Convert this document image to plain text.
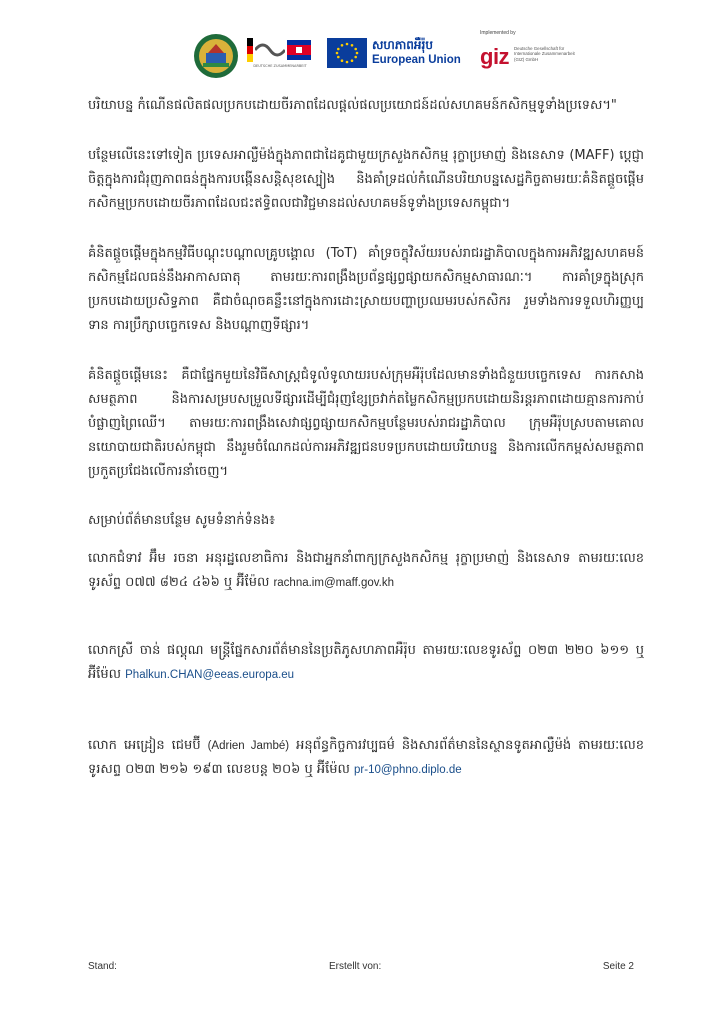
DEUTSCHE ZUSAMMENARBEIT
សហភាពអឺរ៉ុប
European Union
Implemented by
giz Deutsche Gesellschaft für Internationale Zusammenarbeit (GIZ) GmbH

បរិយាបន្ន កំណើនផលិតផលប្រកបដោយចីរភាពដែលផ្ដល់ផលប្រយោជន៍ដល់សហគមន៍កសិកម្មទូទាំងប្រទេស។"

បន្ថែមលើនេះទៅទៀត ប្រទេសអាល្លឺម៉ង់ក្នុងភាពជាដៃគូជាមួយក្រសួងកសិកម្ម រុក្ខាប្រមាញ់ និងនេសាទ (MAFF) ប្ដេជ្ញាចិត្តក្នុងការជំរុញភាពធន់ក្នុងការបង្កើនសន្តិសុខស្បៀង និងគាំទ្រដល់កំណើនបរិយាបន្នសេដ្ឋកិច្ចតាមរយៈគំនិតផ្ដួចផ្ដើមកសិកម្មប្រកបដោយចីរភាពដែលជះឥទ្ធិពលជាវិជ្ជមានដល់សហគមន៍ទូទាំងប្រទេសកម្ពុជា។

គំនិតផ្ដួចផ្ដើមក្នុងកម្មវិធីបណ្ដុះបណ្ដាលគ្រូបង្គោល (ToT) គាំទ្រចក្ខុវិស័យរបស់រាជរដ្ឋាភិបាលក្នុងការអភិវឌ្ឍសហគមន៍កសិកម្មដែលធន់នឹងអាកាសធាតុ តាមរយៈការពង្រឹងប្រព័ន្ធផ្សព្វផ្សាយកសិកម្មសាធារណៈ។ ការគាំទ្រក្នុងស្រុកប្រកបដោយប្រសិទ្ធភាព គឺជាចំណុចគន្លឹះនៅក្នុងការដោះស្រាយបញ្ហាប្រឈមរបស់កសិករ រួមទាំងការទទួលហិរញ្ញប្បទាន ការប្រឹក្សាបច្ចេកទេស និងបណ្ដាញទីផ្សារ។

គំនិតផ្ដួចផ្ដើមនេះ គឺជាផ្នែកមួយនៃវិធីសាស្ត្រជំទូលំទូលាយរបស់ក្រុមអឺរ៉ុបដែលមានទាំងជំនួយបច្ចេកទេស ការកសាងសមត្ថភាព និងការសម្របសម្រួលទីផ្សារដើម្បីជំរុញខ្សែច្រវាក់តម្លៃកសិកម្មប្រកបដោយនិរន្តរភាពដោយគ្មានការកាប់បំផ្លាញព្រៃឈើ។ តាមរយៈការពង្រឹងសេវាផ្សព្វផ្សាយកសិកម្មបន្ថែមរបស់រាជរដ្ឋាភិបាល ក្រុមអឺរ៉ុបស្របតាមគោលនយោបាយជាតិរបស់កម្ពុជា នឹងរួមចំណែកដល់ការអភិវឌ្ឍជនបទប្រកបដោយបរិយាបន្ន និងការលើកកម្ពស់សមត្ថភាពប្រកួតប្រជែងលើការនាំចេញ។

សម្រាប់ព័ត៌មានបន្ថែម សូមទំនាក់ទំនង៖

លោកជំទាវ អ៊ឹម រចនា អនុរដ្ឋលេខាធិការ និងជាអ្នកនាំពាក្យក្រសួងកសិកម្ម រុក្ខាប្រមាញ់ និងនេសាទ តាមរយៈលេខទូរស័ព្ទ ០៧៧ ៨២៤ ៤៦៦ ឬ អ៊ីម៉ែល rachna.im@maff.gov.kh

លោកស្រី ចាន់ ផល្គុណ មន្ត្រីផ្នែកសារព័ត៌មាននៃប្រតិភូសហភាពអឺរ៉ុប តាមរយៈលេខទូរស័ព្ទ ០២៣ ២២០ ៦១១ ឬ អ៊ីម៉ែល Phalkun.CHAN@eeas.europa.eu

លោក អេដ្រៀន ជេមប៊ី (Adrien Jambé) អនុព័ន្ធកិច្ចការវប្បធម៌ និងសារព័ត៌មាននៃស្ថានទូតអាល្លឺម៉ង់ តាមរយៈលេខទូរសព្ទ ០២៣ ២១៦ ១៩៣ លេខបន្ត ២០៦ ឬ អ៊ីម៉ែល pr-10@phno.diplo.de

Stand:	Erstellt von:	Seite 2
